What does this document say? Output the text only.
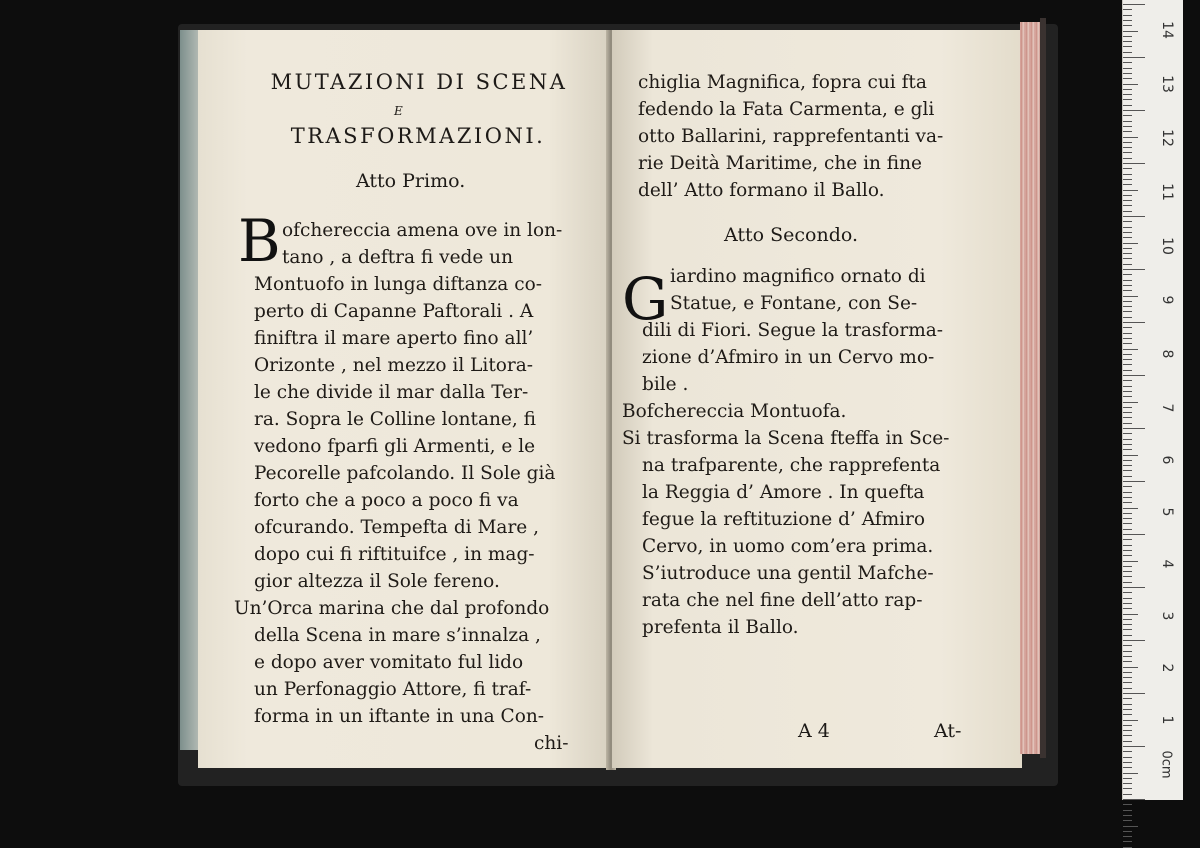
MUTAZIONI DI SCENA
E
TRASFORMAZIONI.
Atto Primo.
B ofchereccia amena ove in lon-
tano , a deftra fi vede un
Montuofo in lunga diftanza co-
perto di Capanne Paftorali . A
finiftra il mare aperto fino all’
Orizonte , nel mezzo il Litora-
le che divide il mar dalla Ter-
ra. Sopra le Colline lontane, fi
vedono fparfi gli Armenti, e le
Pecorelle pafcolando. Il Sole già
forto che a poco a poco fi va
ofcurando. Tempefta di Mare ,
dopo cui fi riftituifce , in mag-
gior altezza il Sole fereno.
Un’Orca marina che dal profondo
della Scena in mare s’innalza ,
e dopo aver vomitato ful lido
un Perfonaggio Attore, fi traf-
forma in un iftante in una Con-
chi-
chiglia Magnifica, fopra cui fta
fedendo la Fata Carmenta, e gli
otto Ballarini, rapprefentanti va-
rie Deità Maritime, che in fine
dell’ Atto formano il Ballo.
Atto Secondo.
G iardino magnifico ornato di
Statue, e Fontane, con Se-
dili di Fiori. Segue la trasforma-
zione d’Afmiro in un Cervo mo-
bile .
Bofchereccia Montuofa.
Si trasforma la Scena fteffa in Sce-
na trafparente, che rapprefenta
la Reggia d’ Amore . In quefta
fegue la reftituzione d’ Afmiro
Cervo, in uomo com’era prima.
S’iutroduce una gentil Mafche-
rata che nel fine dell’atto rap-
prefenta il Ballo.
A 4	At-
14
13
12
11
10
9
8
7
6
5
4
3
2
1
0cm
